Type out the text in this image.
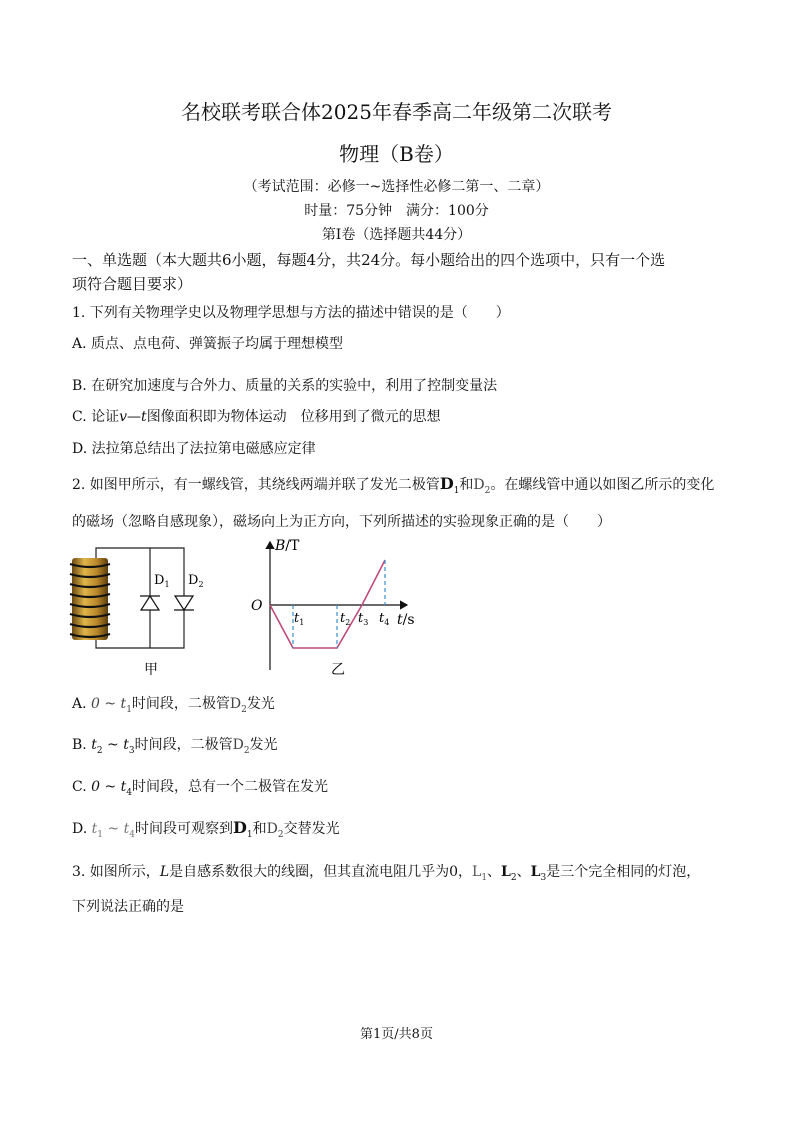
名校联考联合体2025年春季高二年级第二次联考
物理（B卷）
（考试范围：必修一~选择性必修二第一、二章）
时量：75分钟　满分：100分
第Ⅰ卷（选择题共44分）
一、单选题（本大题共6小题，每题4分，共24分。每小题给出的四个选项中，只有一个选
项符合题目要求）
1. 下列有关物理学史以及物理学思想与方法的描述中错误的是（　　）
A. 质点、点电荷、弹簧振子均属于理想模型
B. 在研究加速度与合外力、质量的关系的实验中，利用了控制变量法
C. 论证v—t图像面积即为物体运动　位移用到了微元的思想
D. 法拉第总结出了法拉第电磁感应定律
2. 如图甲所示，有一螺线管，其绕线两端并联了发光二极管$D_1$和$D_2$。在螺线管中通以如图乙所示的变化
的磁场（忽略自感现象），磁场向上为正方向，下列所描述的实验现象正确的是（　　）
$D_1$ $D_2$
甲
B/T
O
t/s
$t_1$	$t_2$ $t_3$ $t_4$
乙
A. 0 ~ $t_1$时间段，二极管$D_2$发光
B. $t_2$ ~ $t_3$时间段，二极管$D_2$发光
C. 0 ~ $t_4$时间段，总有一个二极管在发光
D. $t_1$ ~ $t_4$时间段可观察到$D_1$和$D_2$交替发光
3. 如图所示，L是自感系数很大的线圈，但其直流电阻几乎为0，$L_1$、$L_2$、$L_3$是三个完全相同的灯泡，
下列说法正确的是
第1页/共8页
